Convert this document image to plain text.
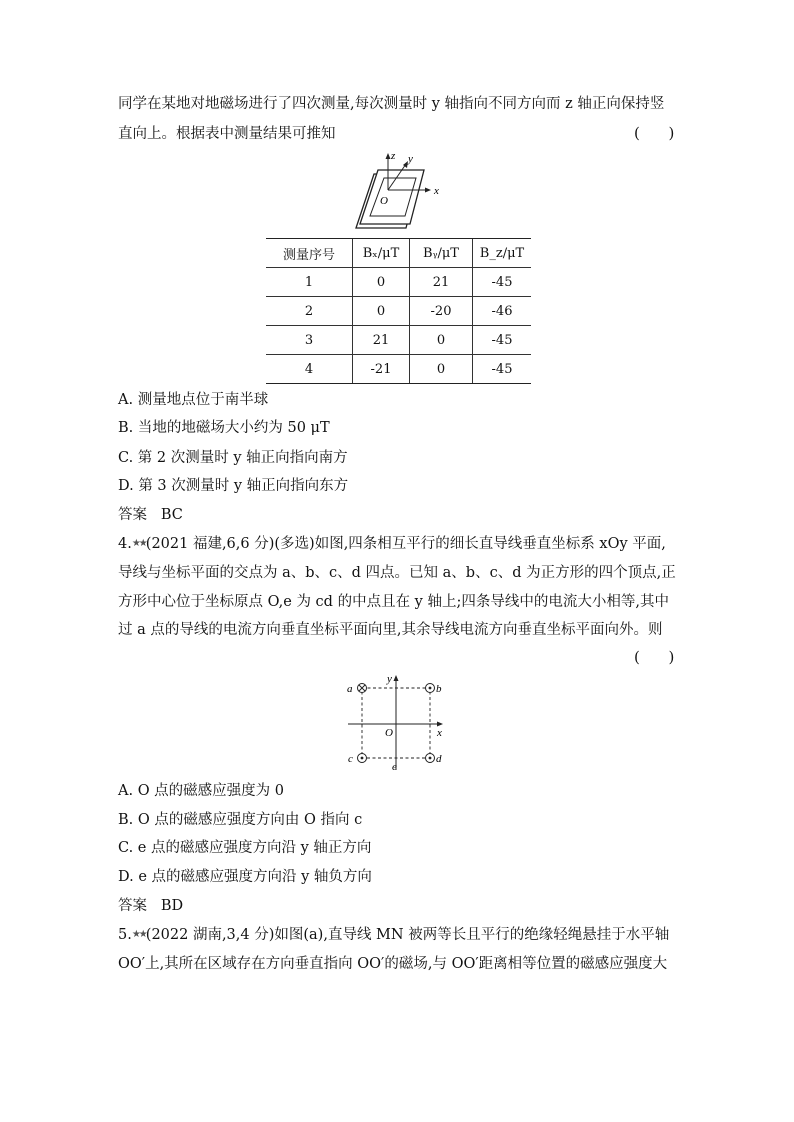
同学在某地对地磁场进行了四次测量,每次测量时 y 轴指向不同方向而 z 轴正向保持竖
直向上。根据表中测量结果可推知	(      )
z y
x
O
测量序号	Bₓ/μT	Bᵧ/μT	B_z/μT
1	0	21	-45
2	0	-20	-46
3	21	0	-45
4	-21	0	-45
A. 测量地点位于南半球
B. 当地的地磁场大小约为 50 μT
C. 第 2 次测量时 y 轴正向指向南方
D. 第 3 次测量时 y 轴正向指向东方
答案 BC
4.★★(2021 福建,6,6 分)(多选)如图,四条相互平行的细长直导线垂直坐标系 xOy 平面,
导线与坐标平面的交点为 a、b、c、d 四点。已知 a、b、c、d 为正方形的四个顶点,正
方形中心位于坐标原点 O,e 为 cd 的中点且在 y 轴上;四条导线中的电流大小相等,其中
过 a 点的导线的电流方向垂直坐标平面向里,其余导线电流方向垂直坐标平面向外。则
(      )
a	b
c	d
e
O	x
y
A. O 点的磁感应强度为 0
B. O 点的磁感应强度方向由 O 指向 c
C. e 点的磁感应强度方向沿 y 轴正方向
D. e 点的磁感应强度方向沿 y 轴负方向
答案 BD
5.★★(2022 湖南,3,4 分)如图(a),直导线 MN 被两等长且平行的绝缘轻绳悬挂于水平轴
OO′上,其所在区域存在方向垂直指向 OO′的磁场,与 OO′距离相等位置的磁感应强度大
